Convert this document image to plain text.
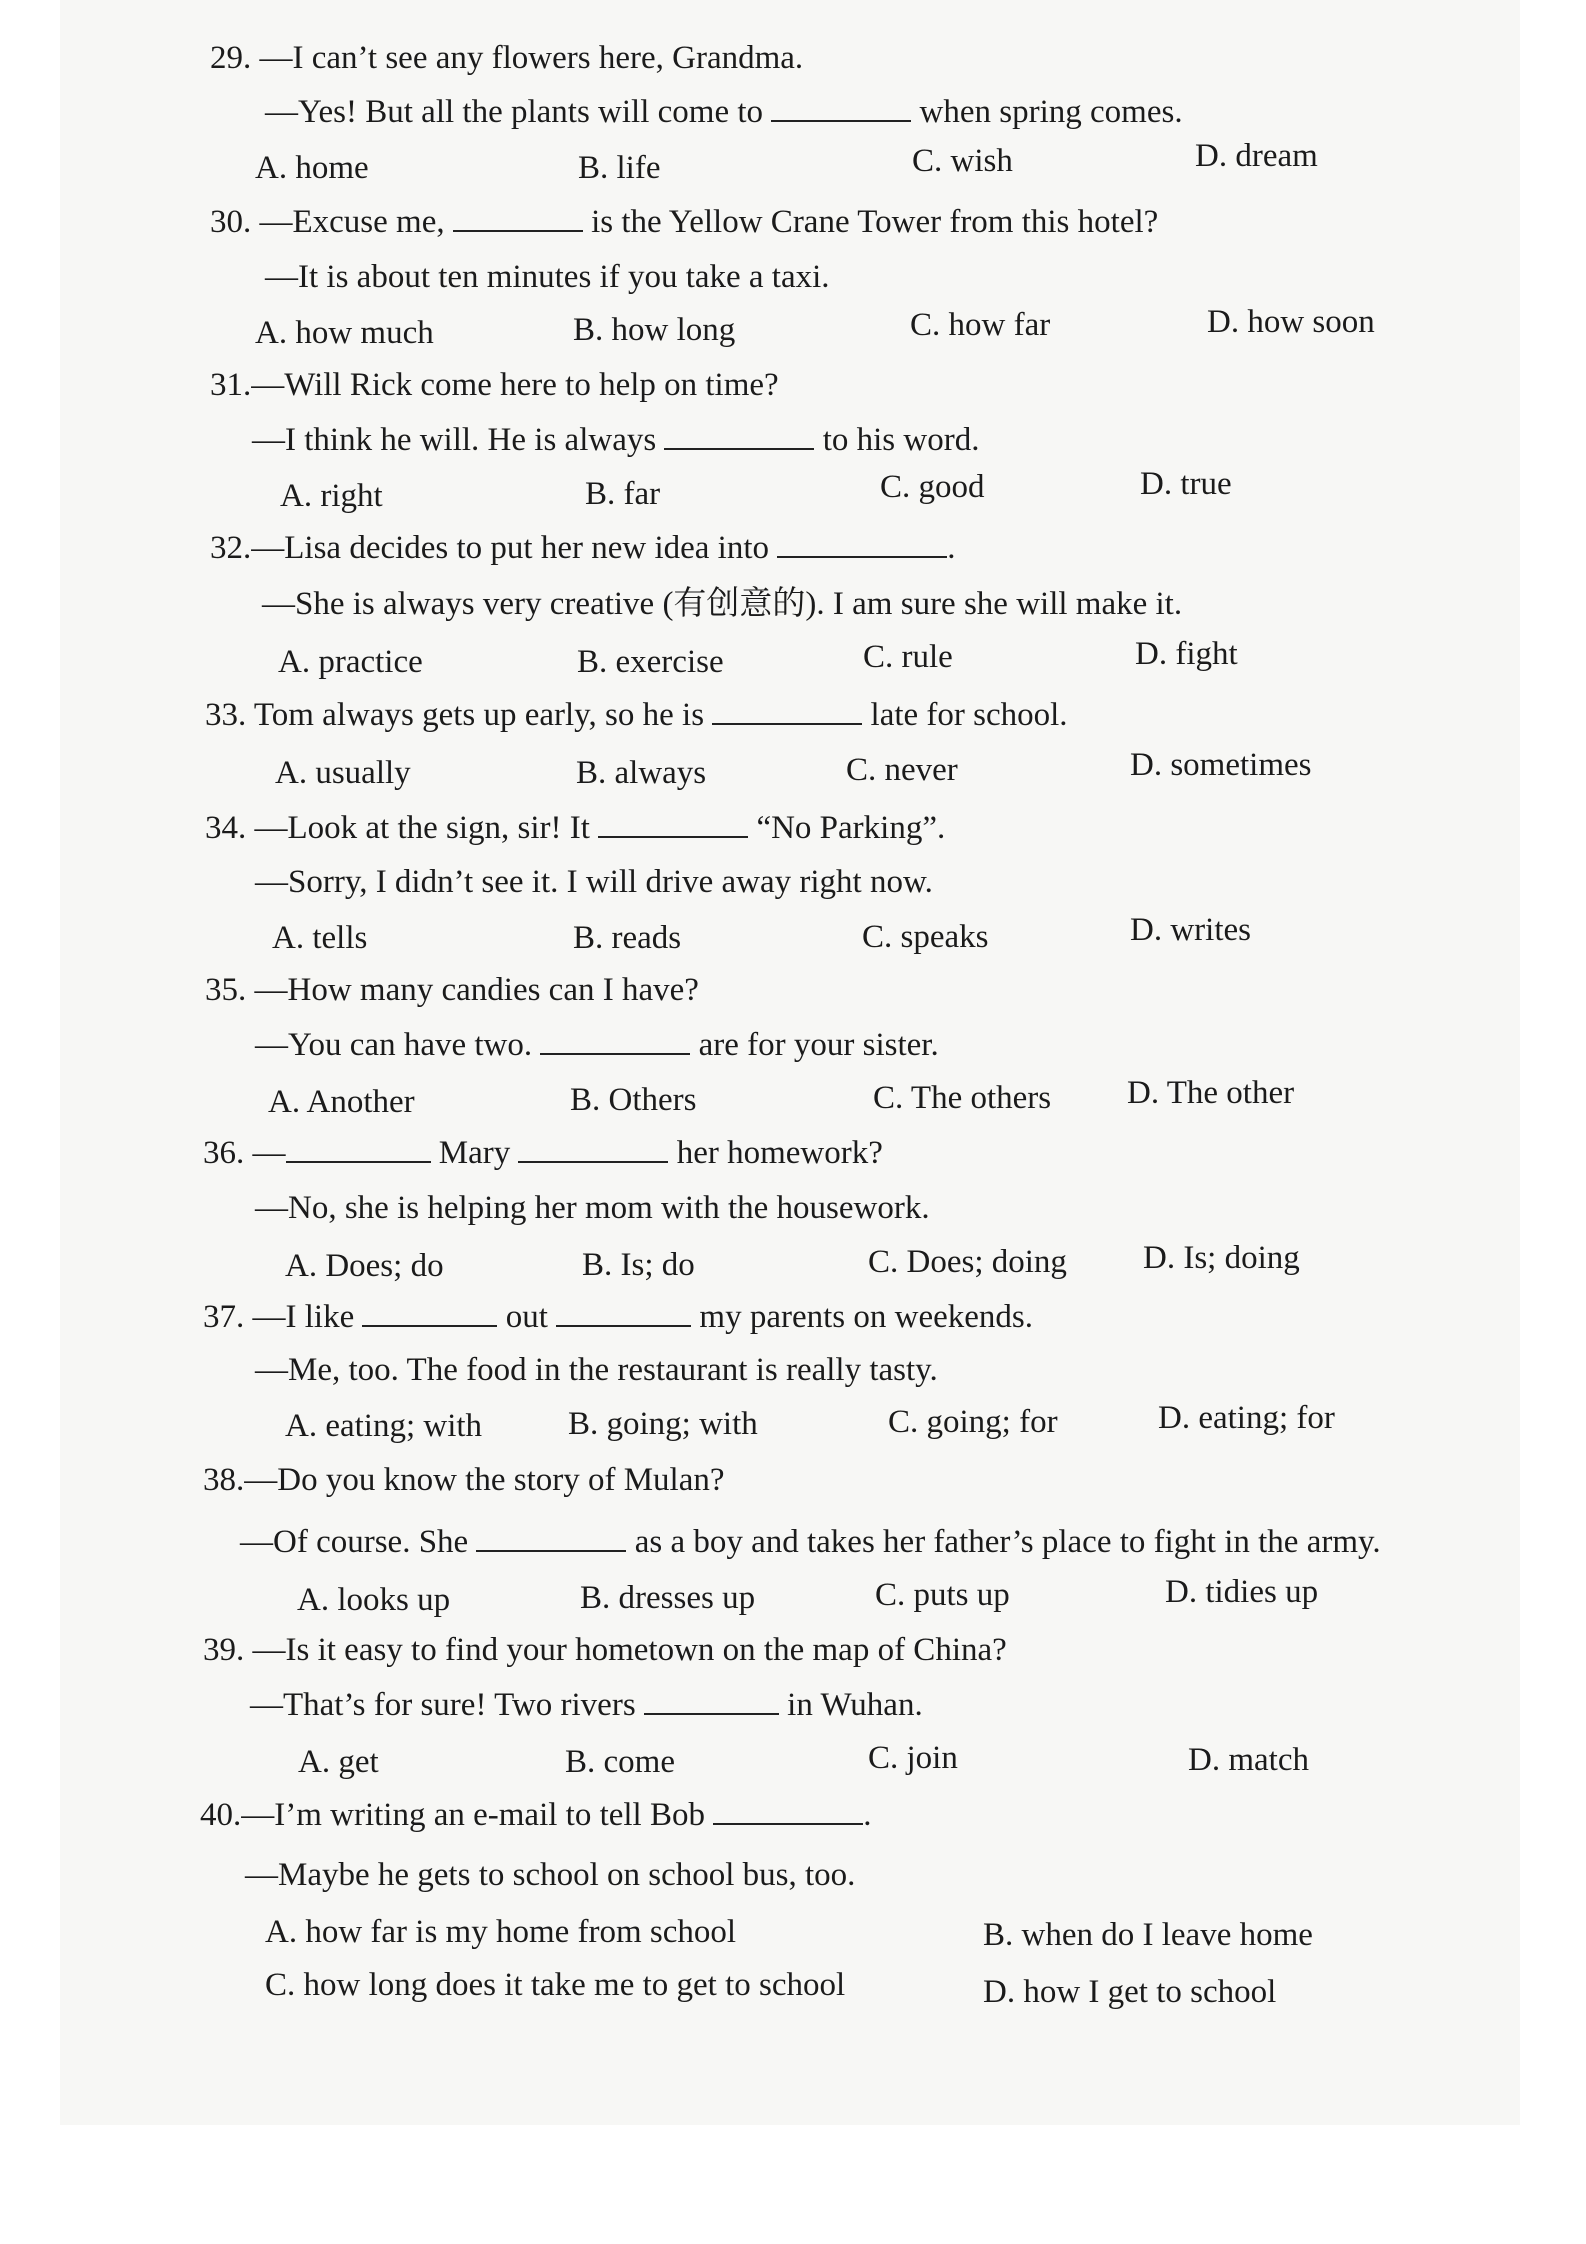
29. —I can’t see any flowers here, Grandma.
—Yes! But all the plants will come to	when spring comes.
A. home	B. life	C. wish	D. dream
30. —Excuse me,	is the Yellow Crane Tower from this hotel?
—It is about ten minutes if you take a taxi.
A. how much	B. how long	C. how far	D. how soon
31.—Will Rick come here to help on time?
—I think he will. He is always	to his word.
A. right	B. far	C. good	D. true
32.—Lisa decides to put her new idea into	.
—She is always very creative (有创意的). I am sure she will make it.
A. practice	B. exercise	C. rule	D. fight
33. Tom always gets up early, so he is	late for school.
A. usually	B. always	C. never	D. sometimes
34. —Look at the sign, sir! It	“No Parking”.
—Sorry, I didn’t see it. I will drive away right now.
A. tells	B. reads	C. speaks	D. writes
35. —How many candies can I have?
—You can have two.	are for your sister.
A. Another	B. Others	C. The others D. The other
36. —	Mary	her homework?
—No, she is helping her mom with the housework.
A. Does; do	B. Is; do	C. Does; doing D. Is; doing
37. —I like	out	my parents on weekends.
—Me, too. The food in the restaurant is really tasty.
A. eating; with	B. going; with	C. going; for	D. eating; for
38.—Do you know the story of Mulan?
—Of course. She	as a boy and takes her father’s place to fight in the army.
A. looks up	B. dresses up	C. puts up	D. tidies up
39. —Is it easy to find your hometown on the map of China?
—That’s for sure! Two rivers	in Wuhan.
A. get	B. come	C. join	D. match
40.—I’m writing an e-mail to tell Bob	.
—Maybe he gets to school on school bus, too.
A. how far is my home from school	B. when do I leave home
C. how long does it take me to get to school	D. how I get to school
